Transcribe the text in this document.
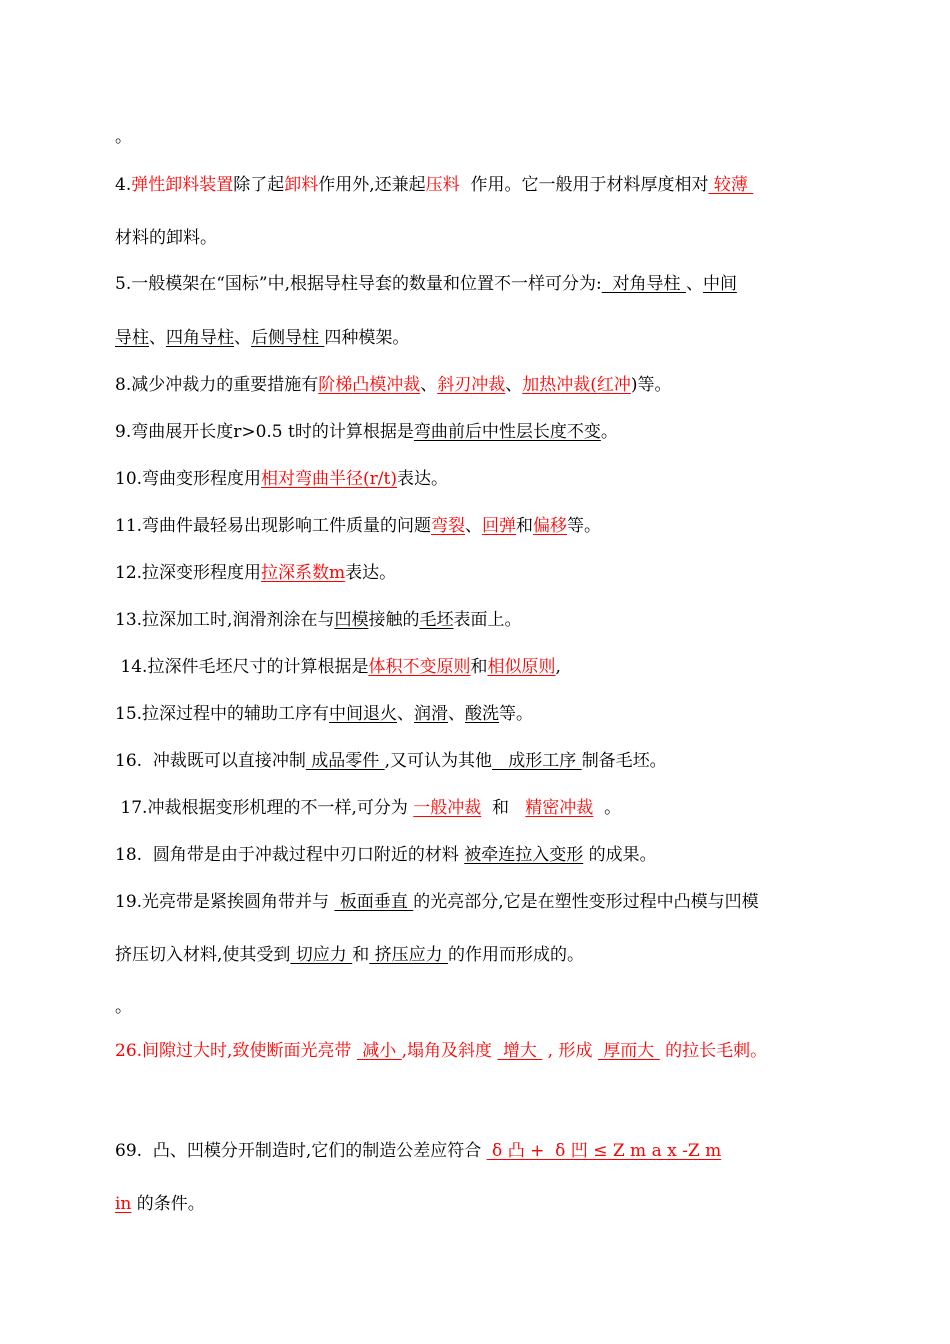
。
4.弹性卸料装置除了起卸料作用外,还兼起压料  作用。它一般用于材料厚度相对 较薄
材料的卸料。
5.一般模架在“国标”中,根据导柱导套的数量和位置不一样可分为:  对角导柱 、中间
导柱、四角导柱、后侧导柱 四种模架。
8.减少冲裁力的重要措施有阶梯凸模冲裁、斜刃冲裁、加热冲裁(红冲)等。
9.弯曲展开长度r>0.5 t时的计算根据是弯曲前后中性层长度不变。
10.弯曲变形程度用相对弯曲半径(r/t)表达。
11.弯曲件最轻易出现影响工件质量的问题弯裂、回弹和偏移等。
12.拉深变形程度用拉深系数m表达。
13.拉深加工时,润滑剂涂在与凹模接触的毛坯表面上。
14.拉深件毛坯尺寸的计算根据是体积不变原则和相似原则,
15.拉深过程中的辅助工序有中间退火、润滑、酸洗等。
16.  冲裁既可以直接冲制 成品零件 ,又可认为其他   成形工序 制备毛坯。
17.冲裁根据变形机理的不一样,可分为 一般冲裁  和   精密冲裁  。
18.  圆角带是由于冲裁过程中刃口附近的材料 被牵连拉入变形 的成果。
19.光亮带是紧挨圆角带并与  板面垂直 的光亮部分,它是在塑性变形过程中凸模与凹模
挤压切入材料,使其受到 切应力 和 挤压应力 的作用而形成的。
。
26.间隙过大时,致使断面光亮带  减小 ,塌角及斜度  增大  , 形成  厚而大  的拉长毛刺。
69.  凸、凹模分开制造时,它们的制造公差应符合  δ 凸 +  δ 凹 ≤ Z m a x -Z m
in 的条件。
